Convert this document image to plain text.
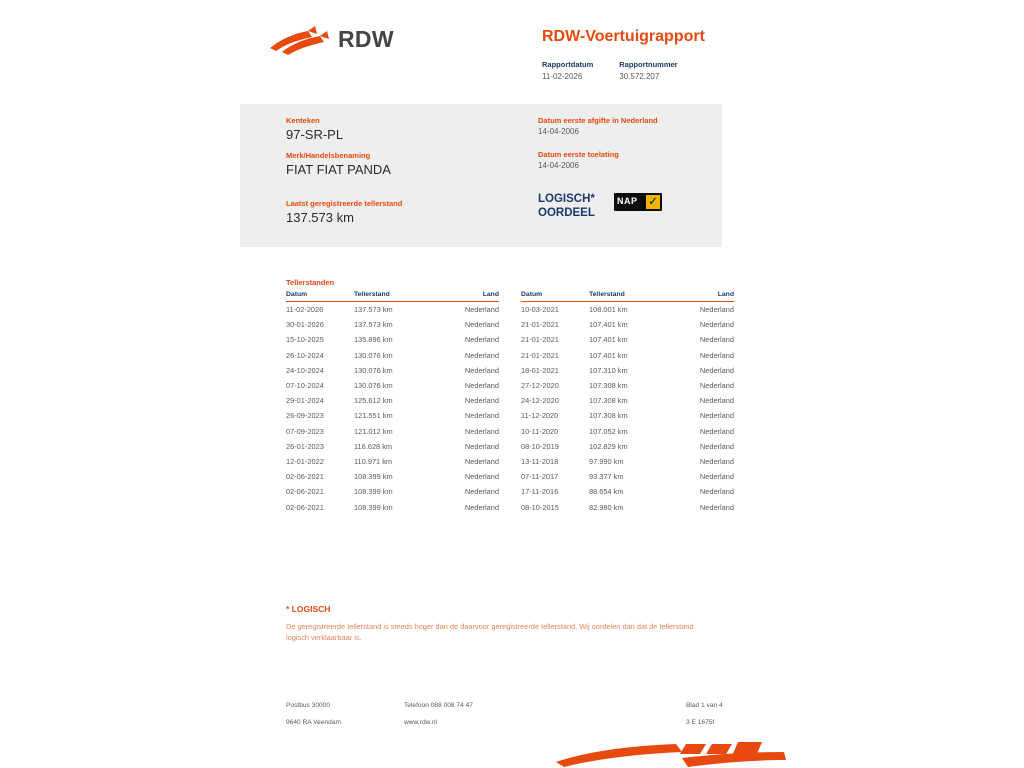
RDW	RDW-Voertuigrapport
Rapportdatum
11-02-2026
Rapportnummer
30.572.207
Kenteken
97-SR-PL
Merk/Handelsbenaming
FIAT FIAT PANDA
Laatst geregistreerde tellerstand
137.573 km
Datum eerste afgifte in Nederland
14-04-2006
Datum eerste toelating
14-04-2006
LOGISCH*
OORDEEL
NAP ✓
Tellerstanden
Datum	Tellerstand	Land
11-02-2026	137.573 km	Nederland
30-01-2026	137.573 km	Nederland
15-10-2025	135.896 km	Nederland
26-10-2024	130.076 km	Nederland
24-10-2024	130.076 km	Nederland
07-10-2024	130.076 km	Nederland
29-01-2024	125.612 km	Nederland
26-09-2023	121.551 km	Nederland
07-09-2023	121.012 km	Nederland
26-01-2023	116.628 km	Nederland
12-01-2022	110.971 km	Nederland
02-06-2021	108.399 km	Nederland
02-06-2021	108.399 km	Nederland
02-06-2021	108.399 km	Nederland
Datum	Tellerstand	Land
10-03-2021	108.001 km	Nederland
21-01-2021	107.401 km	Nederland
21-01-2021	107.401 km	Nederland
21-01-2021	107.401 km	Nederland
18-01-2021	107.310 km	Nederland
27-12-2020	107.308 km	Nederland
24-12-2020	107.308 km	Nederland
11-12-2020	107.308 km	Nederland
10-11-2020	107.052 km	Nederland
08-10-2019	102.829 km	Nederland
13-11-2018	97.990 km	Nederland
07-11-2017	93.377 km	Nederland
17-11-2016	88.654 km	Nederland
08-10-2015	82.980 km	Nederland
* LOGISCH
De geregistreerde tellerstand is steeds hoger dan de daarvoor geregistreerde tellerstand. Wij oordelen dan dat de tellerstand logisch verklaarbaar is.
Postbus 30000
9640 RA Veendam
Telefoon 088 008 74 47
www.rdw.nl
Blad 1 van 4
3 E 1675f
